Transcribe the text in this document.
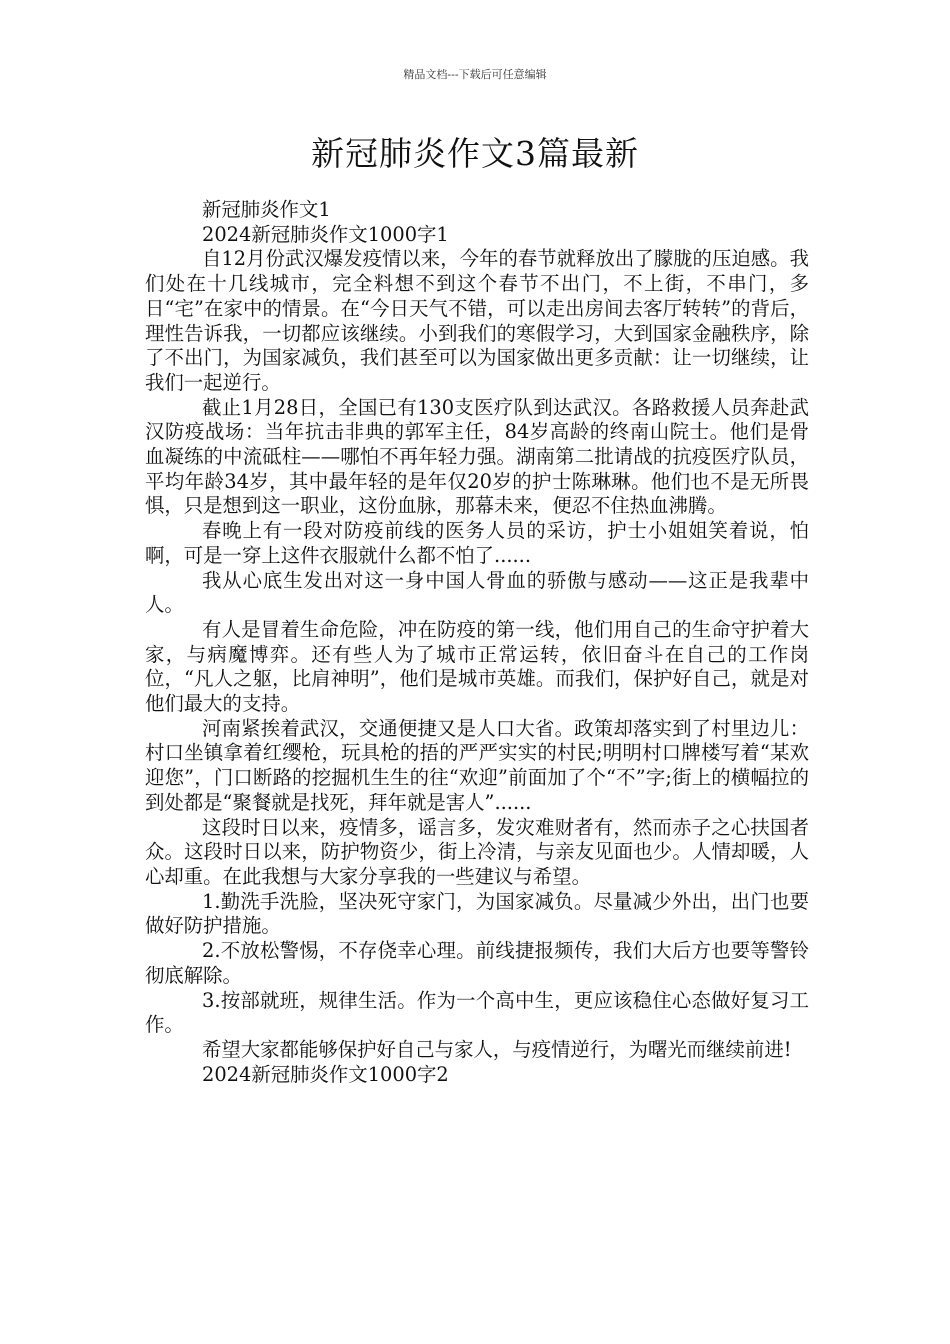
精品文档---下载后可任意编辑
新冠肺炎作文3篇最新

新冠肺炎作文1

2024新冠肺炎作文1000字1

自12月份武汉爆发疫情以来，今年的春节就释放出了朦胧的压迫感。我们处在十几线城市，完全料想不到这个春节不出门，不上街，不串门，多日“宅”在家中的情景。在“今日天气不错，可以走出房间去客厅转转”的背后，理性告诉我，一切都应该继续。小到我们的寒假学习，大到国家金融秩序，除了不出门，为国家减负，我们甚至可以为国家做出更多贡献：让一切继续，让我们一起逆行。

截止1月28日，全国已有130支医疗队到达武汉。各路救援人员奔赴武汉防疫战场：当年抗击非典的郭军主任，84岁高龄的终南山院士。他们是骨血凝练的中流砥柱——哪怕不再年轻力强。湖南第二批请战的抗疫医疗队员，平均年龄34岁，其中最年轻的是年仅20岁的护士陈琳琳。他们也不是无所畏惧，只是想到这一职业，这份血脉，那幕未来，便忍不住热血沸腾。

春晚上有一段对防疫前线的医务人员的采访，护士小姐姐笑着说，怕啊，可是一穿上这件衣服就什么都不怕了......

我从心底生发出对这一身中国人骨血的骄傲与感动——这正是我辈中人。

有人是冒着生命危险，冲在防疫的第一线，他们用自己的生命守护着大家，与病魔博弈。还有些人为了城市正常运转，依旧奋斗在自己的工作岗位，“凡人之躯，比肩神明”，他们是城市英雄。而我们，保护好自己，就是对他们最大的支持。

河南紧挨着武汉，交通便捷又是人口大省。政策却落实到了村里边儿：村口坐镇拿着红缨枪，玩具枪的捂的严严实实的村民;明明村口牌楼写着“某欢迎您”，门口断路的挖掘机生生的往“欢迎”前面加了个“不”字;街上的横幅拉的到处都是“聚餐就是找死，拜年就是害人”......

这段时日以来，疫情多，谣言多，发灾难财者有，然而赤子之心扶国者众。这段时日以来，防护物资少，街上冷清，与亲友见面也少。人情却暖，人心却重。在此我想与大家分享我的一些建议与希望。

1.勤洗手洗脸，坚决死守家门，为国家减负。尽量减少外出，出门也要做好防护措施。

2.不放松警惕，不存侥幸心理。前线捷报频传，我们大后方也要等警铃彻底解除。

3.按部就班，规律生活。作为一个高中生，更应该稳住心态做好复习工作。

希望大家都能够保护好自己与家人，与疫情逆行，为曙光而继续前进!

2024新冠肺炎作文1000字2
